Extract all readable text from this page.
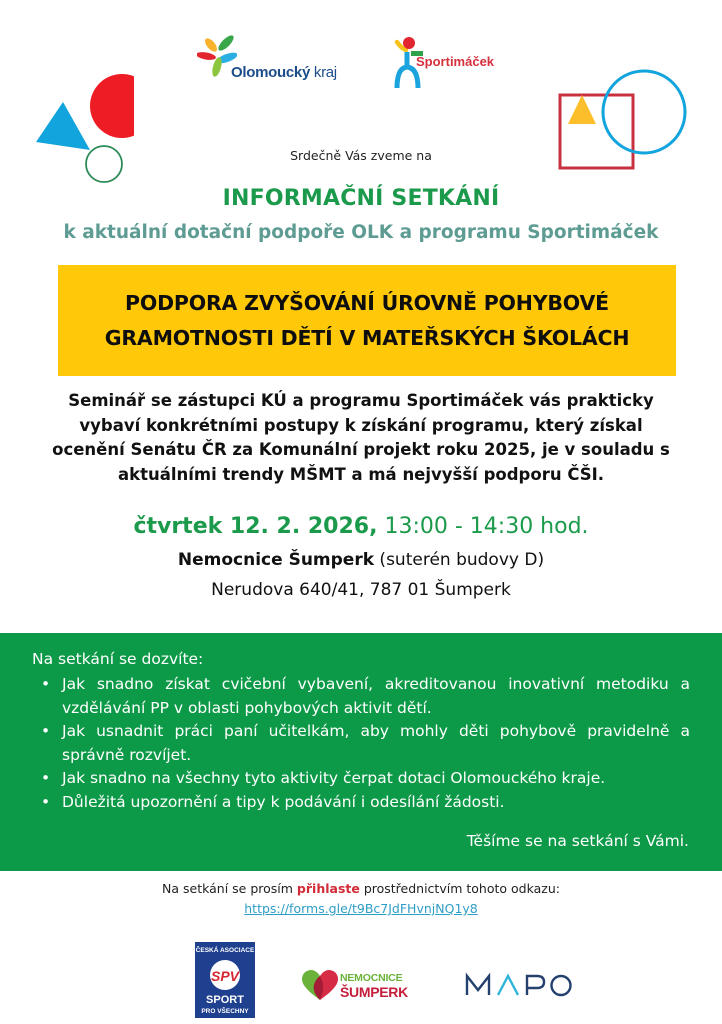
Olomoucký kraj
Sportimáček
Srdečně Vás zveme na
INFORMAČNÍ SETKÁNÍ
k aktuální dotační podpoře OLK a programu Sportimáček
PODPORA ZVYŠOVÁNÍ ÚROVNĚ POHYBOVÉ
GRAMOTNOSTI DĚTÍ V MATEŘSKÝCH ŠKOLÁCH
Seminář se zástupci KÚ a programu Sportimáček vás prakticky
vybaví konkrétními postupy k získání programu, který získal
ocenění Senátu ČR za Komunální projekt roku 2025, je v souladu s
aktuálními trendy MŠMT a má nejvyšší podporu ČŠI.
čtvrtek 12. 2. 2026, 13:00 - 14:30 hod.
Nemocnice Šumperk (suterén budovy D)
Nerudova 640/41, 787 01 Šumperk
Na setkání se dozvíte:
• Jak snadno získat cvičební vybavení, akreditovanou inovativní metodiku a vzdělávání PP v oblasti pohybových aktivit dětí.
• Jak usnadnit práci paní učitelkám, aby mohly děti pohybově pravidelně a správně rozvíjet.
• Jak snadno na všechny tyto aktivity čerpat dotaci Olomouckého kraje.
• Důležitá upozornění a tipy k podávání i odesílání žádosti.
Těšíme se na setkání s Vámi.
Na setkání se prosím přihlaste prostřednictvím tohoto odkazu:
https://forms.gle/t9Bc7JdFHvnjNQ1y8
ČESKÁ ASOCIACE
SPV
SPORT
PRO VŠECHNY
NEMOCNICE
ŠUMPERK
